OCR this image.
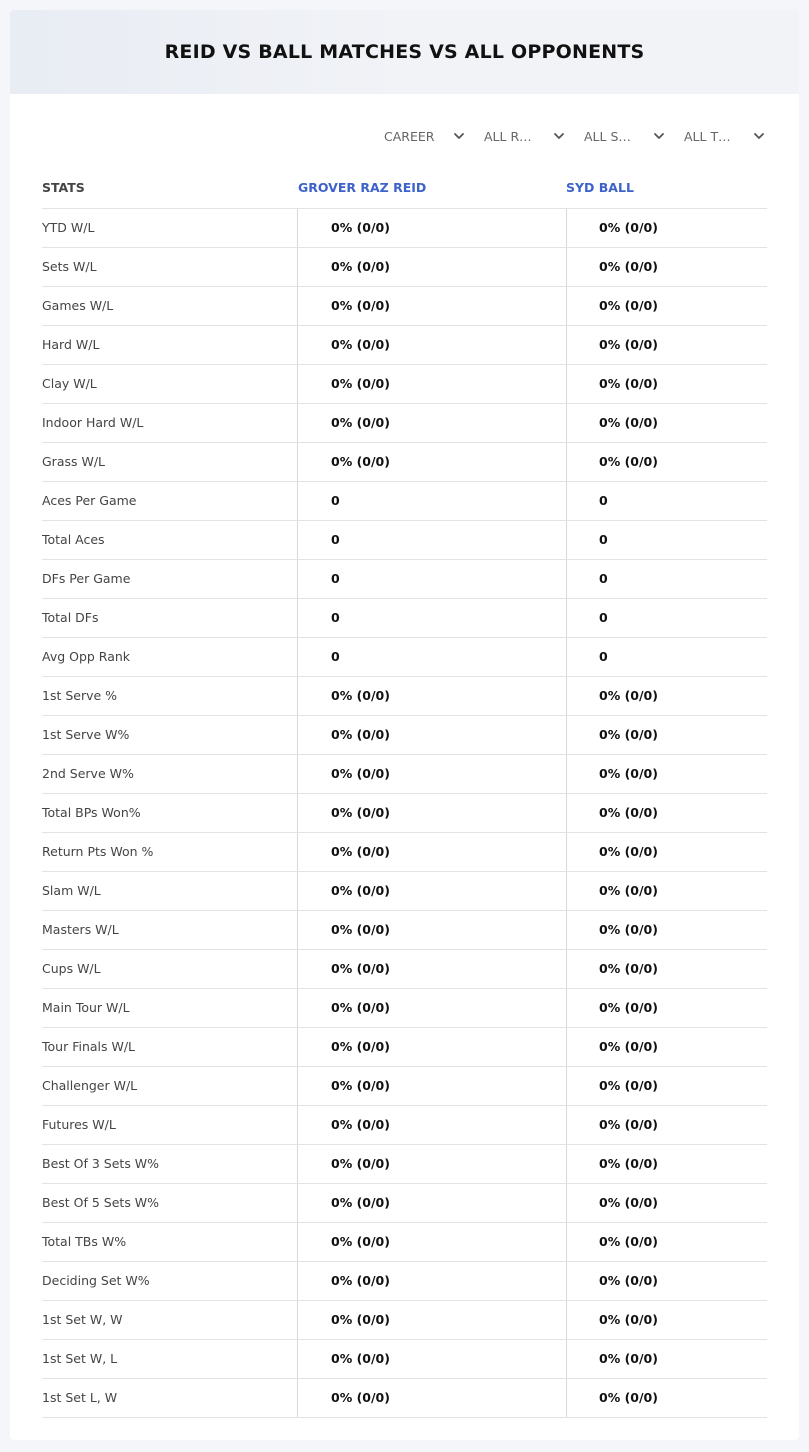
REID VS BALL MATCHES VS ALL OPPONENTS
CAREER	ALL R…	ALL S…	ALL T…
STATS	GROVER RAZ REID	SYD BALL
YTD W/L	0% (0/0)	0% (0/0)
Sets W/L	0% (0/0)	0% (0/0)
Games W/L	0% (0/0)	0% (0/0)
Hard W/L	0% (0/0)	0% (0/0)
Clay W/L	0% (0/0)	0% (0/0)
Indoor Hard W/L	0% (0/0)	0% (0/0)
Grass W/L	0% (0/0)	0% (0/0)
Aces Per Game	0	0
Total Aces	0	0
DFs Per Game	0	0
Total DFs	0	0
Avg Opp Rank	0	0
1st Serve %	0% (0/0)	0% (0/0)
1st Serve W%	0% (0/0)	0% (0/0)
2nd Serve W%	0% (0/0)	0% (0/0)
Total BPs Won%	0% (0/0)	0% (0/0)
Return Pts Won %	0% (0/0)	0% (0/0)
Slam W/L	0% (0/0)	0% (0/0)
Masters W/L	0% (0/0)	0% (0/0)
Cups W/L	0% (0/0)	0% (0/0)
Main Tour W/L	0% (0/0)	0% (0/0)
Tour Finals W/L	0% (0/0)	0% (0/0)
Challenger W/L	0% (0/0)	0% (0/0)
Futures W/L	0% (0/0)	0% (0/0)
Best Of 3 Sets W%	0% (0/0)	0% (0/0)
Best Of 5 Sets W%	0% (0/0)	0% (0/0)
Total TBs W%	0% (0/0)	0% (0/0)
Deciding Set W%	0% (0/0)	0% (0/0)
1st Set W, W	0% (0/0)	0% (0/0)
1st Set W, L	0% (0/0)	0% (0/0)
1st Set L, W	0% (0/0)	0% (0/0)
